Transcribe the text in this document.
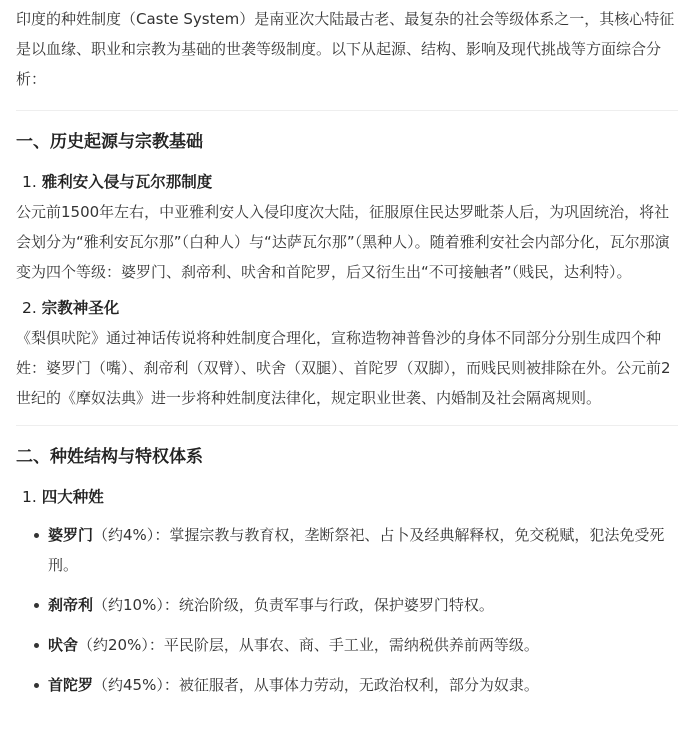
印度的种姓制度（Caste System）是南亚次大陆最古老、最复杂的社会等级体系之一，其核心特征是以血缘、职业和宗教为基础的世袭等级制度。以下从起源、结构、影响及现代挑战等方面综合分析：

一、历史起源与宗教基础
1. 雅利安入侵与瓦尔那制度

公元前1500年左右，中亚雅利安人入侵印度次大陆，征服原住民达罗毗荼人后，为巩固统治，将社会划分为“雅利安瓦尔那”（白种人）与“达萨瓦尔那”（黑种人）。随着雅利安社会内部分化，瓦尔那演变为四个等级：婆罗门、刹帝利、吠舍和首陀罗，后又衍生出“不可接触者”（贱民，达利特）。

2. 宗教神圣化

《梨俱吠陀》通过神话传说将种姓制度合理化，宣称造物神普鲁沙的身体不同部分分别生成四个种姓：婆罗门（嘴）、刹帝利（双臂）、吠舍（双腿）、首陀罗（双脚），而贱民则被排除在外。公元前2世纪的《摩奴法典》进一步将种姓制度法律化，规定职业世袭、内婚制及社会隔离规则。

二、种姓结构与特权体系
1. 四大种姓
婆罗门（约4%）：掌握宗教与教育权，垄断祭祀、占卜及经典解释权，免交税赋，犯法免受死刑。
刹帝利（约10%）：统治阶级，负责军事与行政，保护婆罗门特权。
吠舍（约20%）：平民阶层，从事农、商、手工业，需纳税供养前两等级。
首陀罗（约45%）：被征服者，从事体力劳动，无政治权利，部分为奴隶。
